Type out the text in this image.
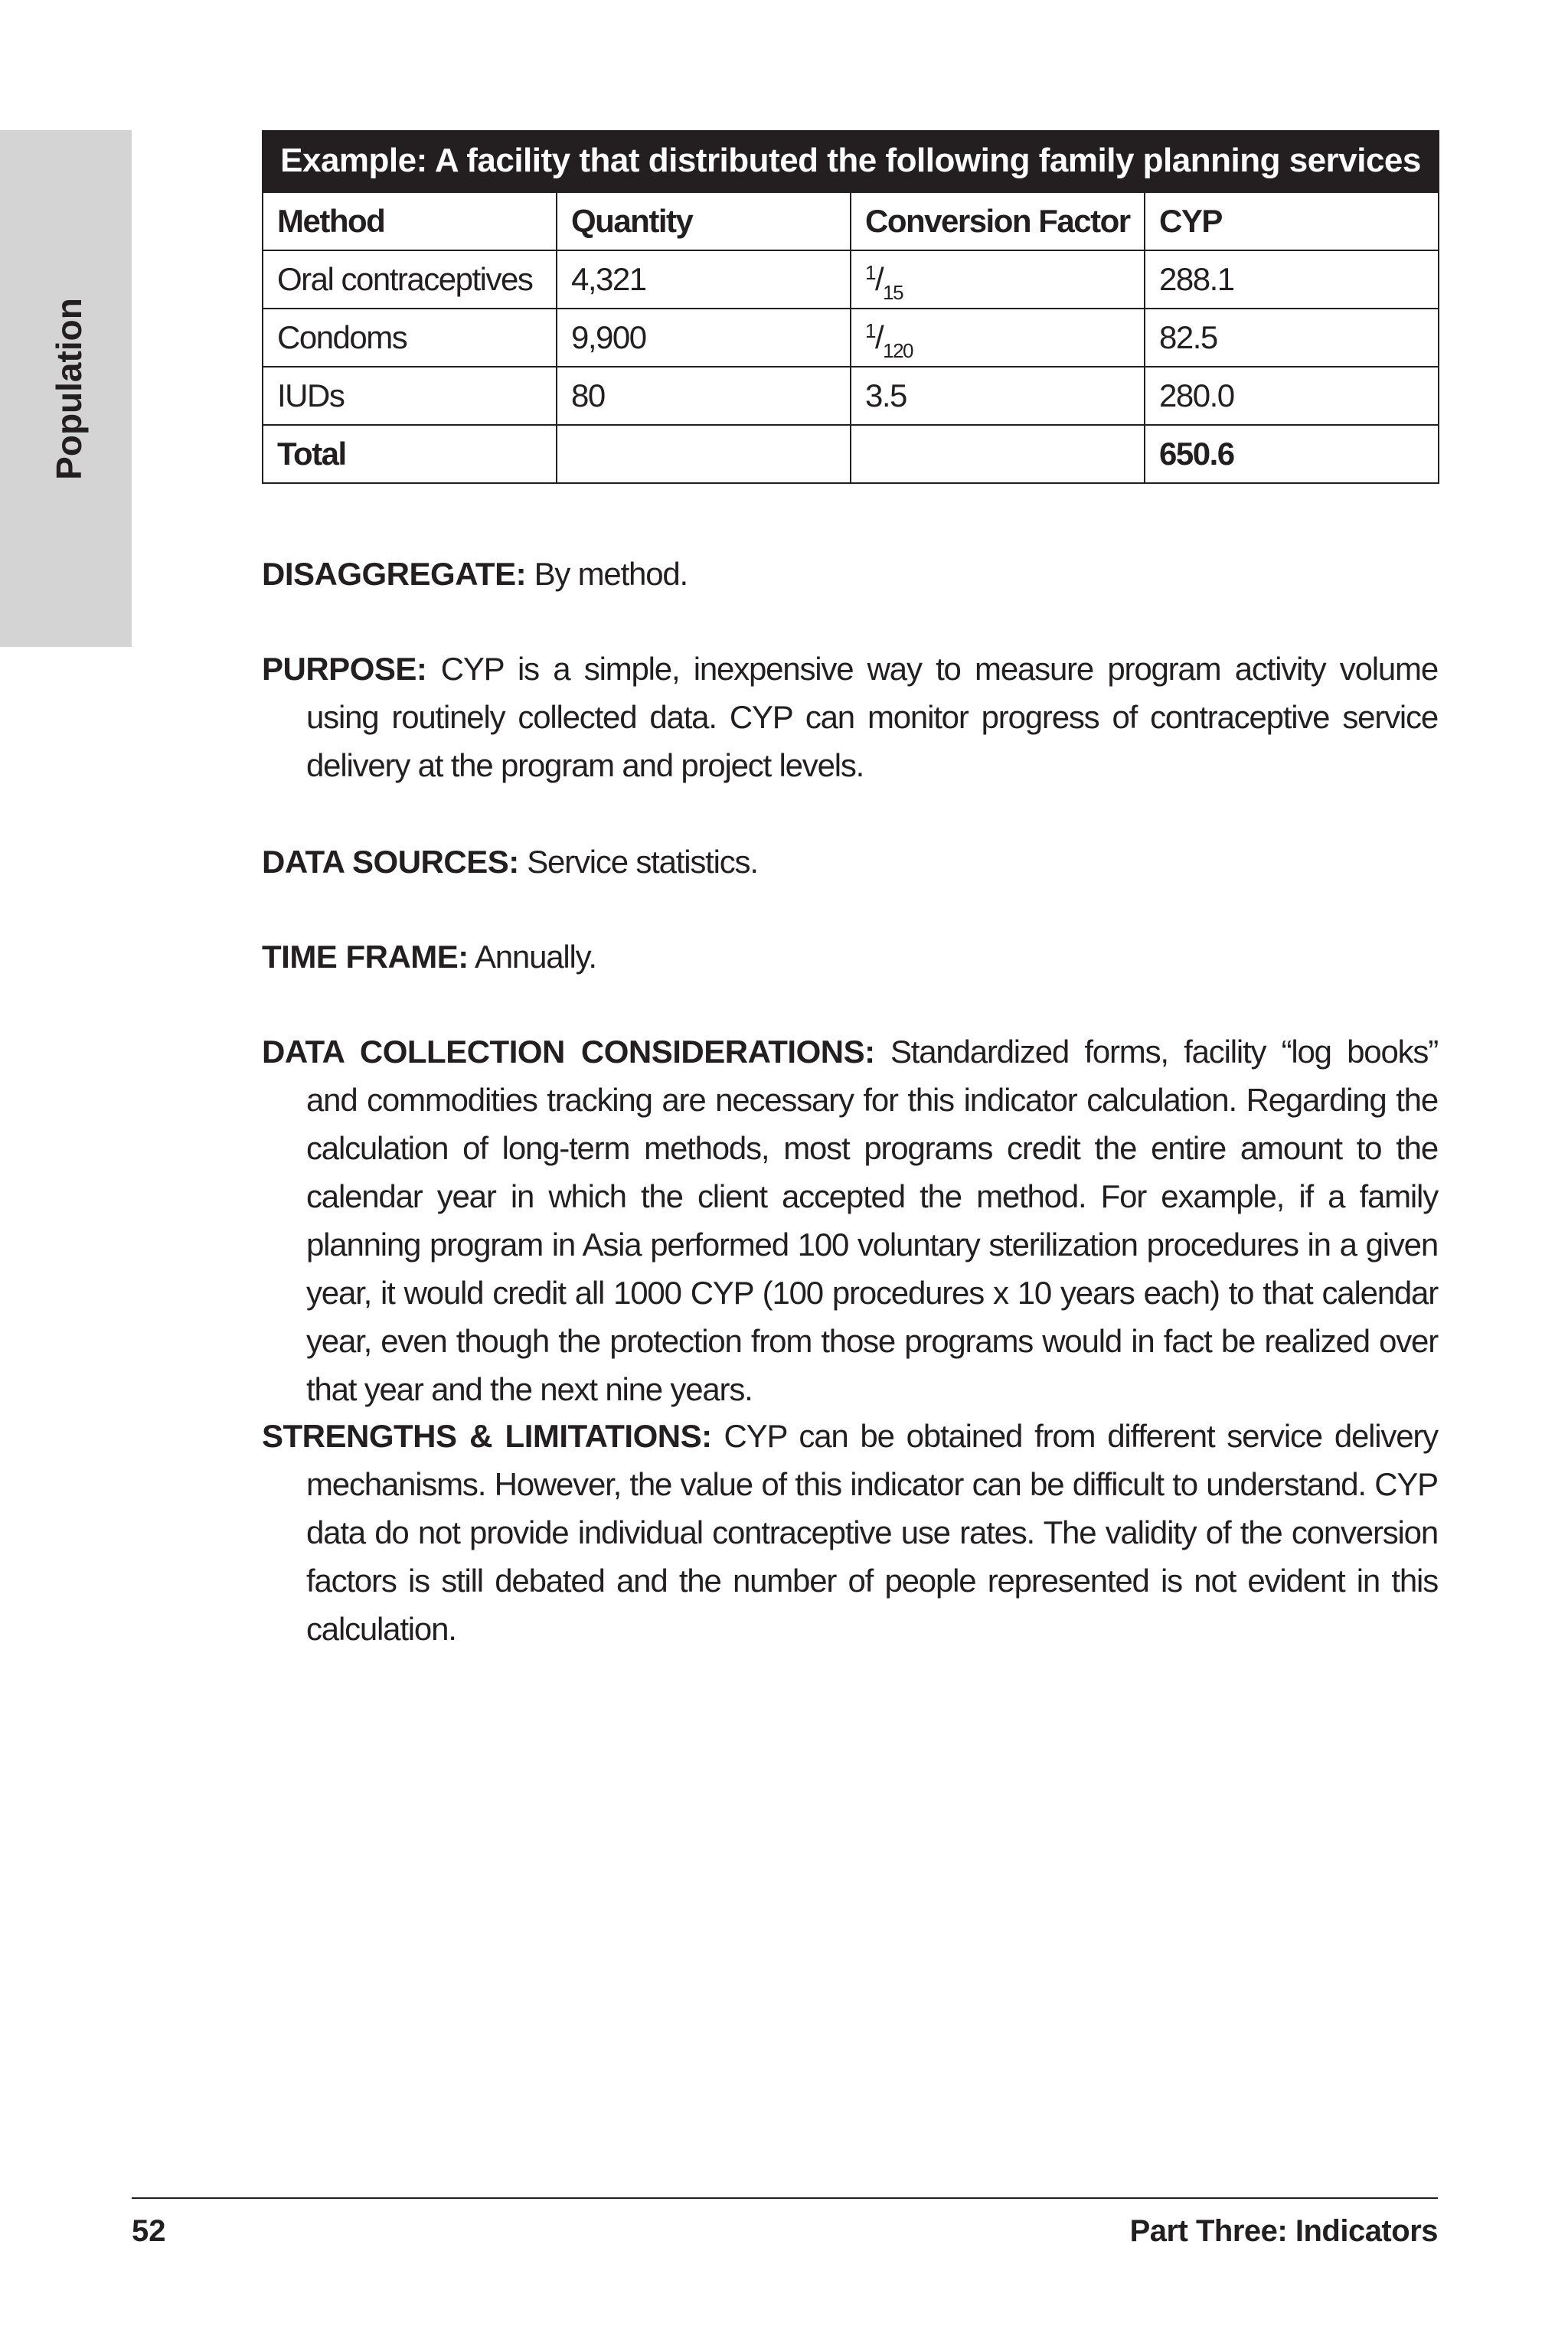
Population
Example: A facility that distributed the following family planning services
Method	Quantity	Conversion Factor	CYP
Oral contraceptives	4,321	$^1/_{15}$	288.1
Condoms	9,900	$^1/_{120}$	82.5
IUDs	80	3.5	280.0
Total			650.6

DISAGGREGATE: By method.

PURPOSE: CYP is a simple, inexpensive way to measure program activity volume using routinely collected data. CYP can monitor progress of contraceptive service delivery at the program and project levels.

DATA SOURCES: Service statistics.

TIME FRAME: Annually.

DATA COLLECTION CONSIDERATIONS: Standardized forms, facility “log books” and commodities tracking are necessary for this indicator calculation. Regarding the calculation of long-term methods, most programs credit the entire amount to the calendar year in which the client accepted the method. For example, if a family planning program in Asia performed 100 voluntary sterilization procedures in a given year, it would credit all 1000 CYP (100 procedures x 10 years each) to that calendar year, even though the protection from those programs would in fact be realized over that year and the next nine years.

STRENGTHS & LIMITATIONS: CYP can be obtained from different service delivery mechanisms. However, the value of this indicator can be difficult to understand. CYP data do not provide individual contraceptive use rates. The validity of the conversion factors is still debated and the number of people represented is not evident in this calculation.

52	Part Three: Indicators
